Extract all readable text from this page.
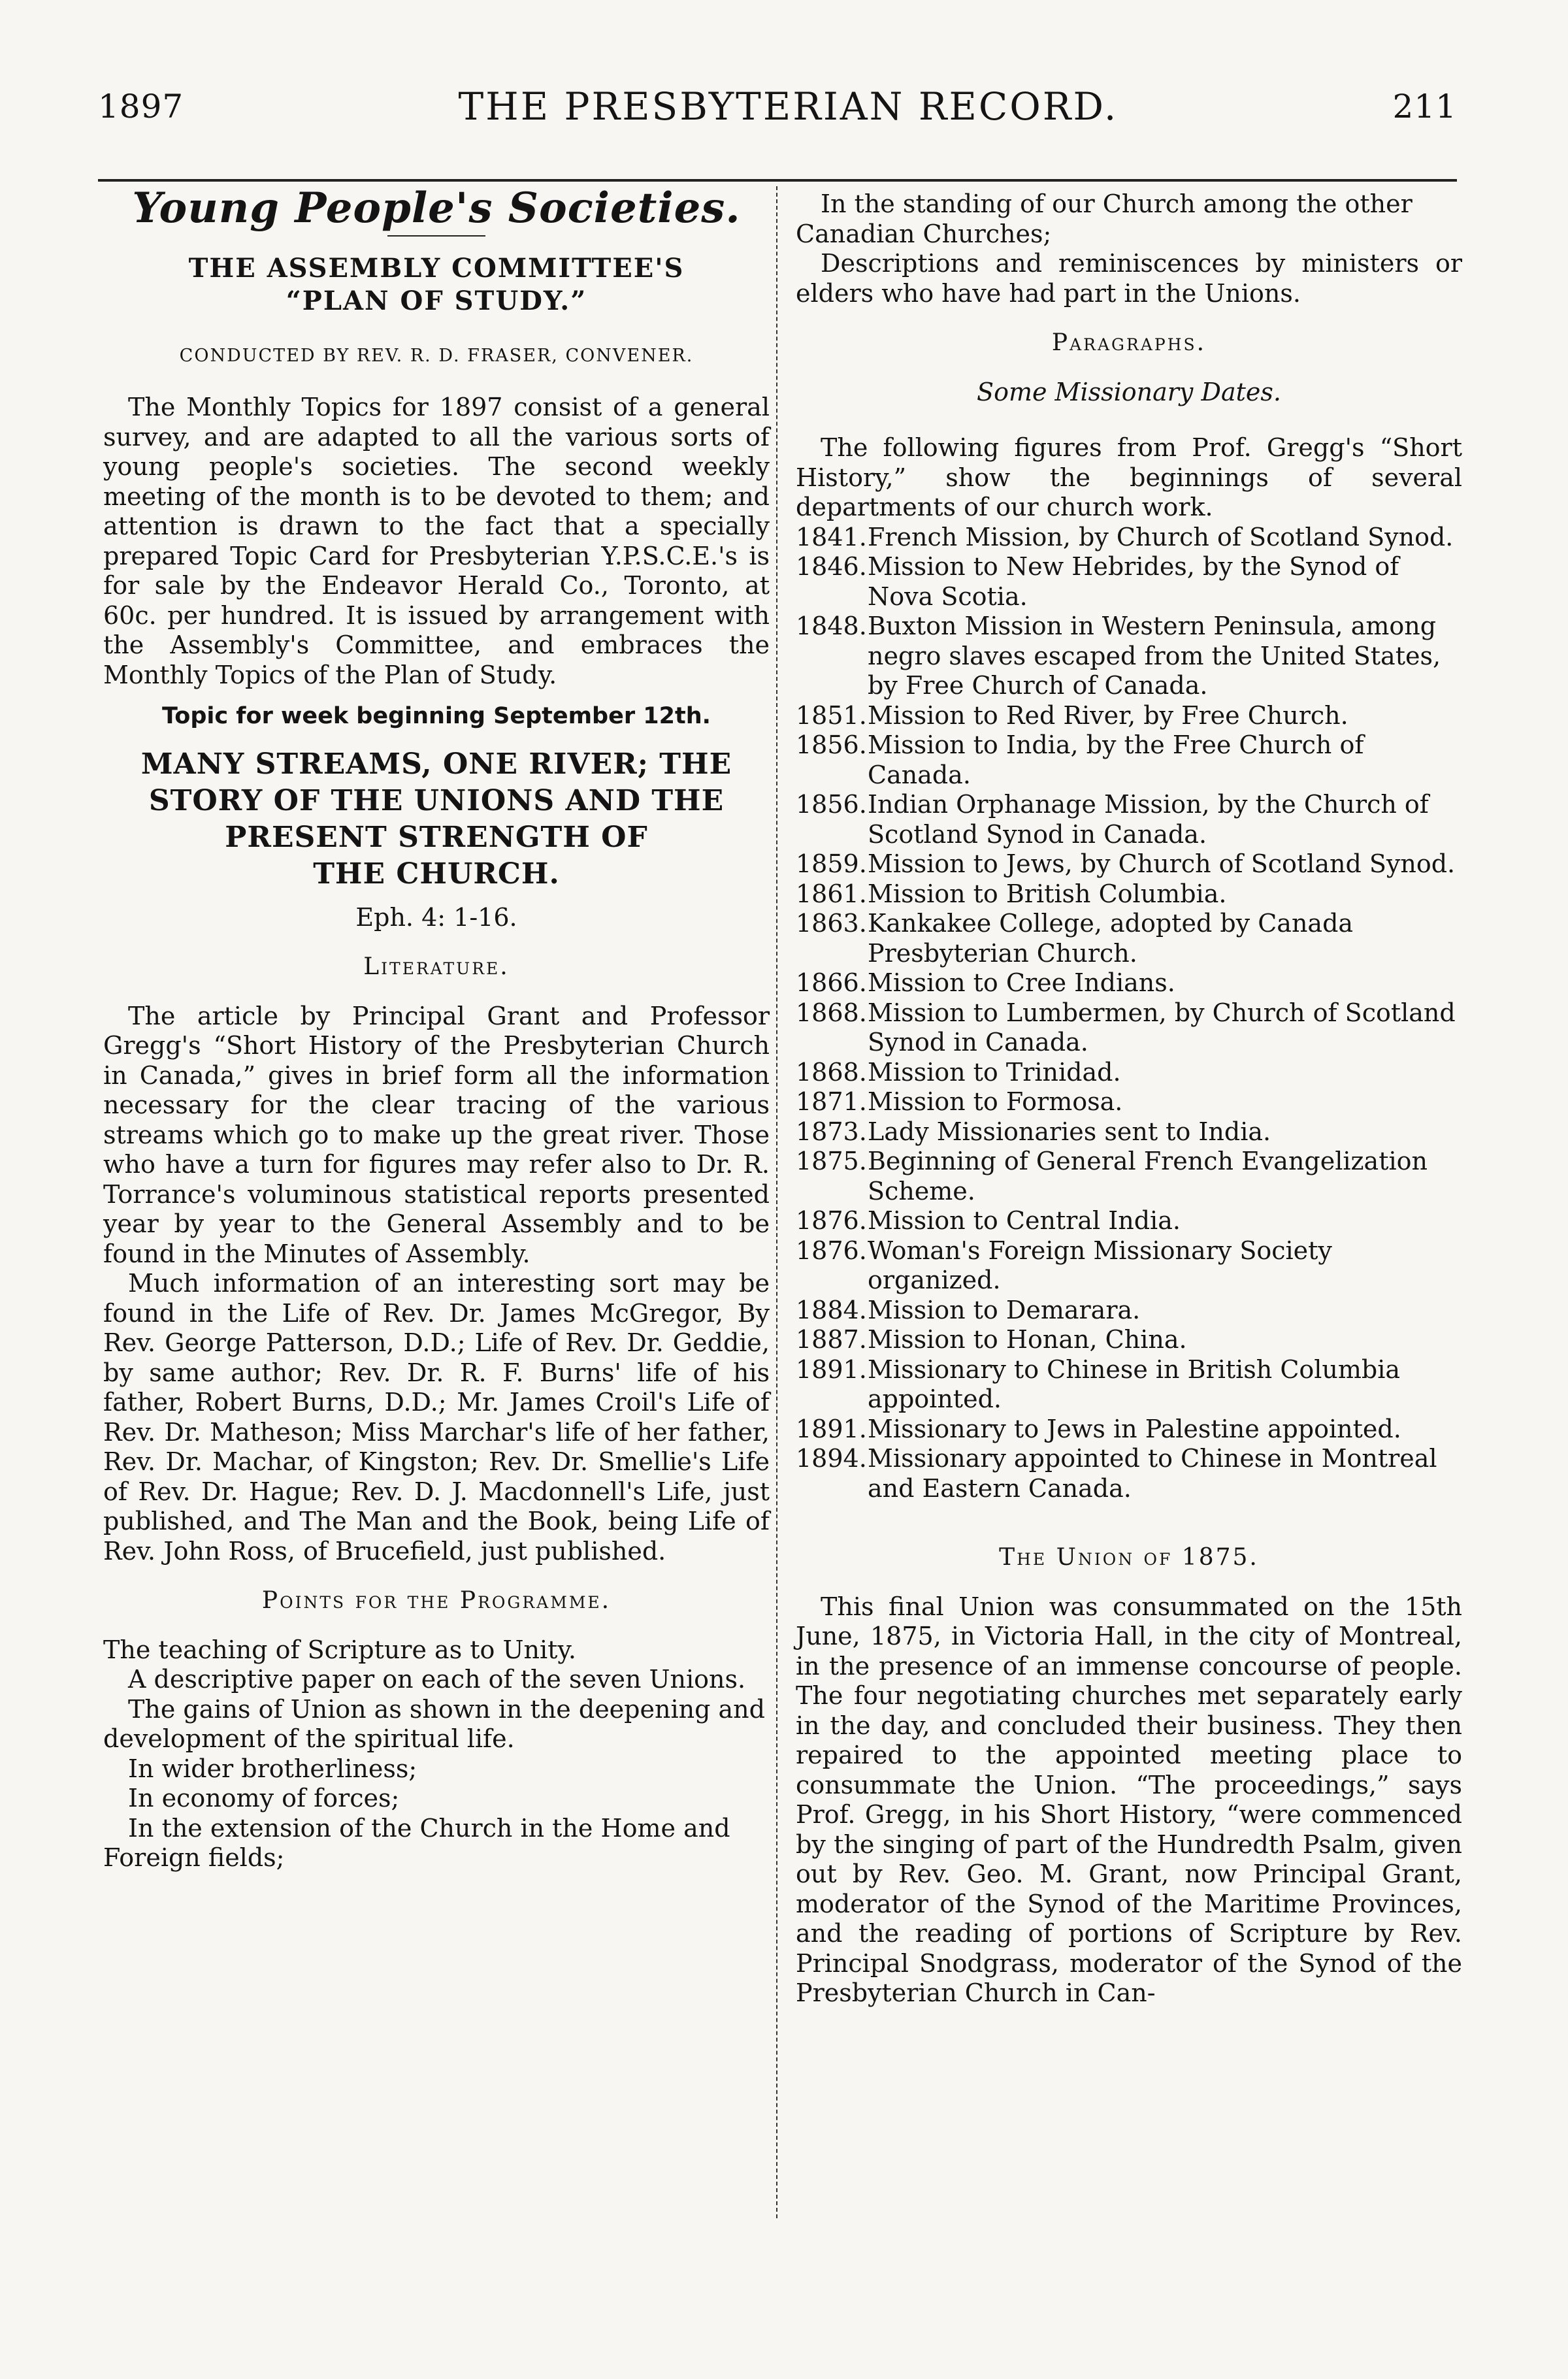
1897	THE PRESBYTERIAN RECORD.	211
Young People's Societies.
THE ASSEMBLY COMMITTEE'S
“PLAN OF STUDY.”
CONDUCTED BY REV. R. D. FRASER, CONVENER.

The Monthly Topics for 1897 consist of a general survey, and are adapted to all the various sorts of young people's societies. The second weekly meeting of the month is to be devoted to them; and attention is drawn to the fact that a specially prepared Topic Card for Presbyterian Y.P.S.C.E.'s is for sale by the Endeavor Herald Co., Toronto, at 60c. per hundred. It is issued by arrangement with the Assembly's Committee, and embraces the Monthly Topics of the Plan of Study.

Topic for week beginning September 12th.
MANY STREAMS, ONE RIVER; THE
STORY OF THE UNIONS AND THE
PRESENT STRENGTH OF
THE CHURCH.
Eph. 4: 1-16.
Literature.

The article by Principal Grant and Professor Gregg's “Short History of the Presbyterian Church in Canada,” gives in brief form all the information necessary for the clear tracing of the various streams which go to make up the great river. Those who have a turn for figures may refer also to Dr. R. Torrance's voluminous statistical reports presented year by year to the General Assembly and to be found in the Minutes of Assembly.

Much information of an interesting sort may be found in the Life of Rev. Dr. James McGregor, By Rev. George Patterson, D.D.; Life of Rev. Dr. Geddie, by same author; Rev. Dr. R. F. Burns' life of his father, Robert Burns, D.D.; Mr. James Croil's Life of Rev. Dr. Matheson; Miss Marchar's life of her father, Rev. Dr. Machar, of Kingston; Rev. Dr. Smellie's Life of Rev. Dr. Hague; Rev. D. J. Macdonnell's Life, just published, and The Man and the Book, being Life of Rev. John Ross, of Brucefield, just published.

Points for the Programme.

The teaching of Scripture as to Unity.

A descriptive paper on each of the seven Unions.

The gains of Union as shown in the deepening and development of the spiritual life.

In wider brotherliness;

In economy of forces;

In the extension of the Church in the Home and Foreign fields;

In the standing of our Church among the other Canadian Churches;

Descriptions and reminiscences by ministers or elders who have had part in the Unions.

Paragraphs.
Some Missionary Dates.

The following figures from Prof. Gregg's “Short History,” show the beginnings of several departments of our church work.

1841.French Mission, by Church of Scotland Synod.
1846.Mission to New Hebrides, by the Synod of Nova Scotia.
1848.Buxton Mission in Western Peninsula, among negro slaves escaped from the United States, by Free Church of Canada.
1851.Mission to Red River, by Free Church.
1856.Mission to India, by the Free Church of Canada.
1856.Indian Orphanage Mission, by the Church of Scotland Synod in Canada.
1859.Mission to Jews, by Church of Scotland Synod.
1861.Mission to British Columbia.
1863.Kankakee College, adopted by Canada Presbyterian Church.
1866.Mission to Cree Indians.
1868.Mission to Lumbermen, by Church of Scotland Synod in Canada.
1868.Mission to Trinidad.
1871.Mission to Formosa.
1873.Lady Missionaries sent to India.
1875.Beginning of General French Evangelization Scheme.
1876.Mission to Central India.
1876.Woman's Foreign Missionary Society organized.
1884.Mission to Demarara.
1887.Mission to Honan, China.
1891.Missionary to Chinese in British Columbia appointed.
1891.Missionary to Jews in Palestine appointed.
1894.Missionary appointed to Chinese in Montreal and Eastern Canada.
The Union of 1875.

This final Union was consummated on the 15th June, 1875, in Victoria Hall, in the city of Montreal, in the presence of an immense concourse of people. The four negotiating churches met separately early in the day, and concluded their business. They then repaired to the appointed meeting place to consummate the Union. “The proceedings,” says Prof. Gregg, in his Short History, “were commenced by the singing of part of the Hundredth Psalm, given out by Rev. Geo. M. Grant, now Principal Grant, moderator of the Synod of the Maritime Provinces, and the reading of portions of Scripture by Rev. Principal Snodgrass, moderator of the Synod of the Presbyterian Church in Can-
